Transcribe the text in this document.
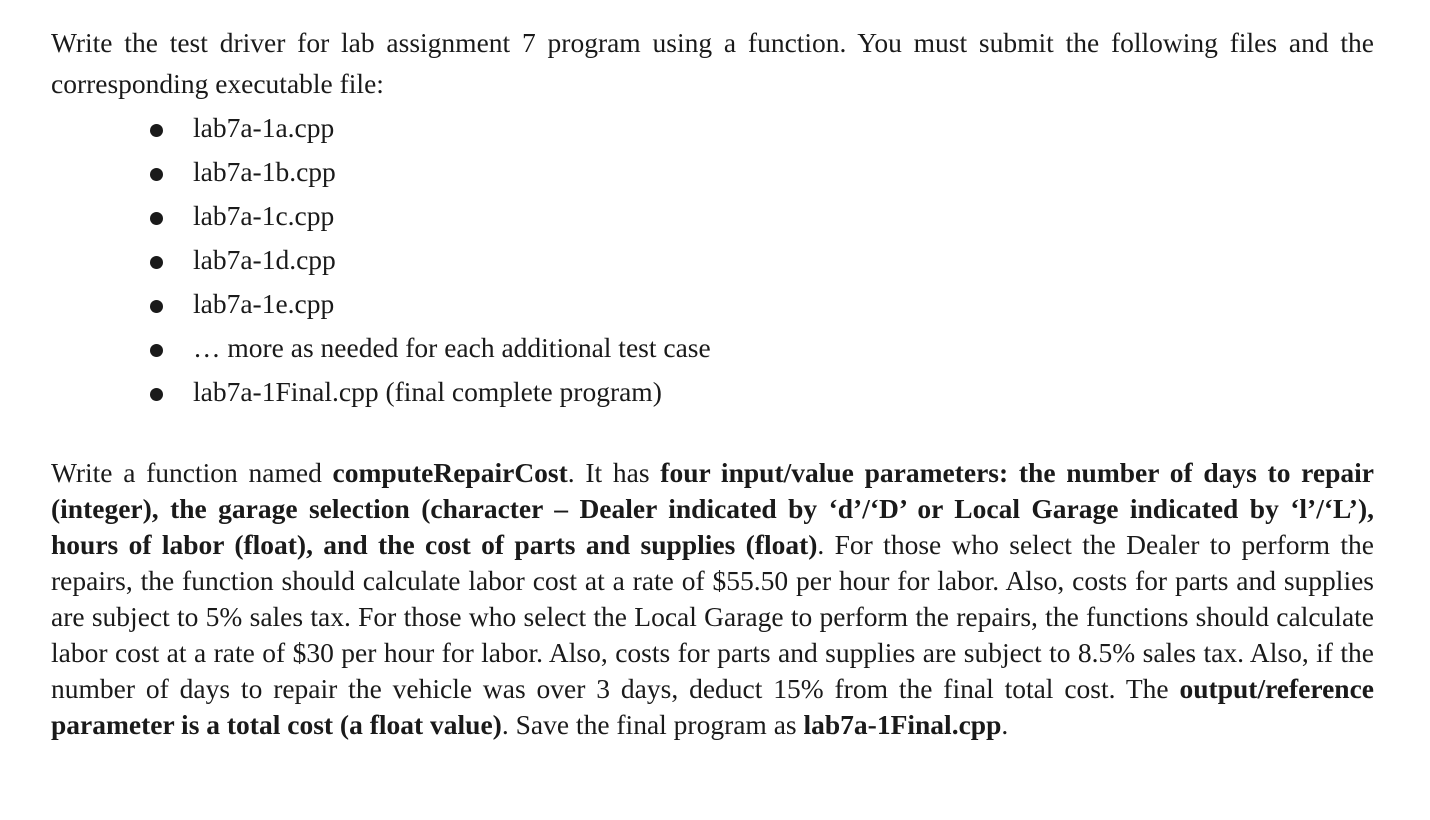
Write the test driver for lab assignment 7 program using a function. You must submit the following files and the corresponding executable file:

lab7a-1a.cpp
lab7a-1b.cpp
lab7a-1c.cpp
lab7a-1d.cpp
lab7a-1e.cpp
… more as needed for each additional test case
lab7a-1Final.cpp (final complete program)

Write a function named computeRepairCost. It has four input/value parameters: the number of days to repair (integer), the garage selection (character – Dealer indicated by ‘d’/‘D’ or Local Garage indicated by ‘l’/‘L’), hours of labor (float), and the cost of parts and supplies (float). For those who select the Dealer to perform the repairs, the function should calculate labor cost at a rate of $55.50 per hour for labor. Also, costs for parts and supplies are subject to 5% sales tax. For those who select the Local Garage to perform the repairs, the functions should calculate labor cost at a rate of $30 per hour for labor. Also, costs for parts and supplies are subject to 8.5% sales tax. Also, if the number of days to repair the vehicle was over 3 days, deduct 15% from the final total cost. The output/reference parameter is a total cost (a float value). Save the final program as lab7a-1Final.cpp.
